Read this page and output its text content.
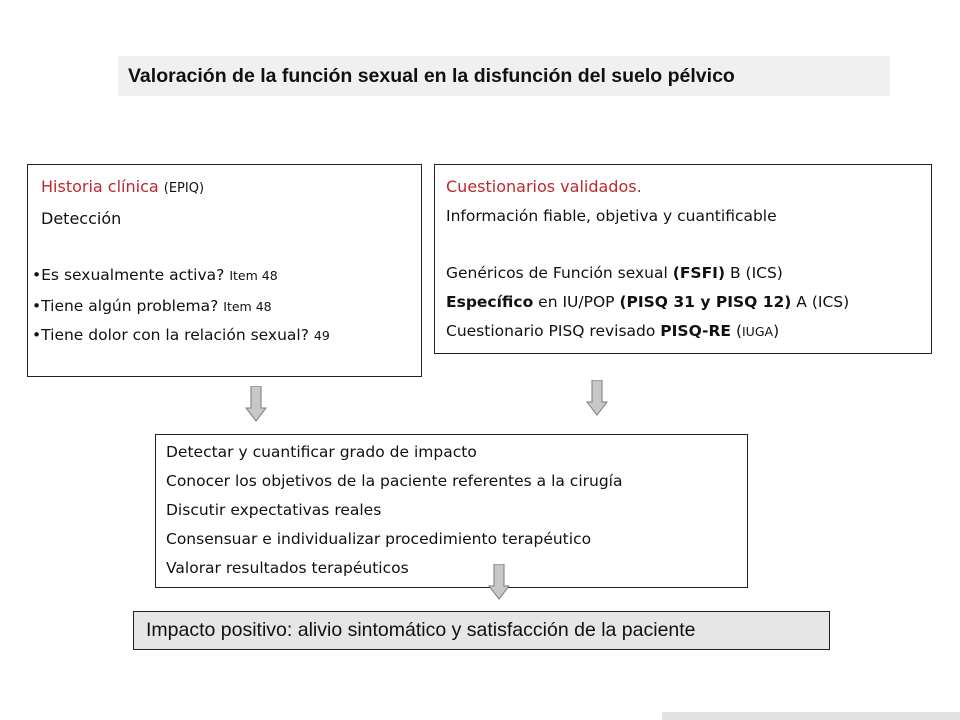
Valoración de la función sexual en la disfunción del suelo pélvico
Historia clínica (EPIQ)
Detección
•Es sexualmente activa? Item 48
•Tiene algún problema? Item 48
•Tiene dolor con la relación sexual? 49
Cuestionarios validados.
Información fiable, objetiva y cuantificable
Genéricos de Función sexual (FSFI) B (ICS)
Específico en IU/POP (PISQ 31 y PISQ 12) A (ICS)
Cuestionario PISQ revisado PISQ-RE (IUGA)
Detectar y cuantificar grado de impacto
Conocer los objetivos de la paciente referentes a la cirugía
Discutir expectativas reales
Consensuar e individualizar procedimiento terapéutico
Valorar resultados terapéuticos
Impacto positivo: alivio sintomático y satisfacción de la paciente
